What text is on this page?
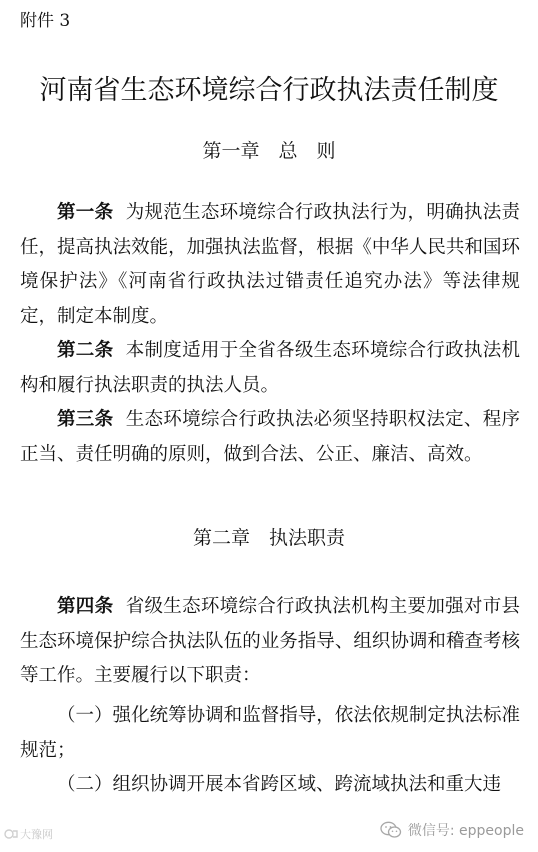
附件 3
河南省生态环境综合行政执法责任制度
第一章　 总　则
第一条 为规范生态环境综合行政执法行为，明确执法责任，提高执法效能，加强执法监督，根据《中华人民共和国环境保护法》《河南省行政执法过错责任追究办法》等法律规定，制定本制度。
第二条 本制度适用于全省各级生态环境综合行政执法机构和履行执法职责的执法人员。
第三条 生态环境综合行政执法必须坚持职权法定、程序正当、责任明确的原则，做到合法、公正、廉洁、高效。
第二章　 执法职责
第四条 省级生态环境综合行政执法机构主要加强对市县生态环境保护综合执法队伍的业务指导、组织协调和稽查考核等工作。主要履行以下职责：
（一）强化统筹协调和监督指导，依法依规制定执法标准规范；
（二）组织协调开展本省跨区域、跨流域执法和重大违
大豫网	微信号: eppeople
